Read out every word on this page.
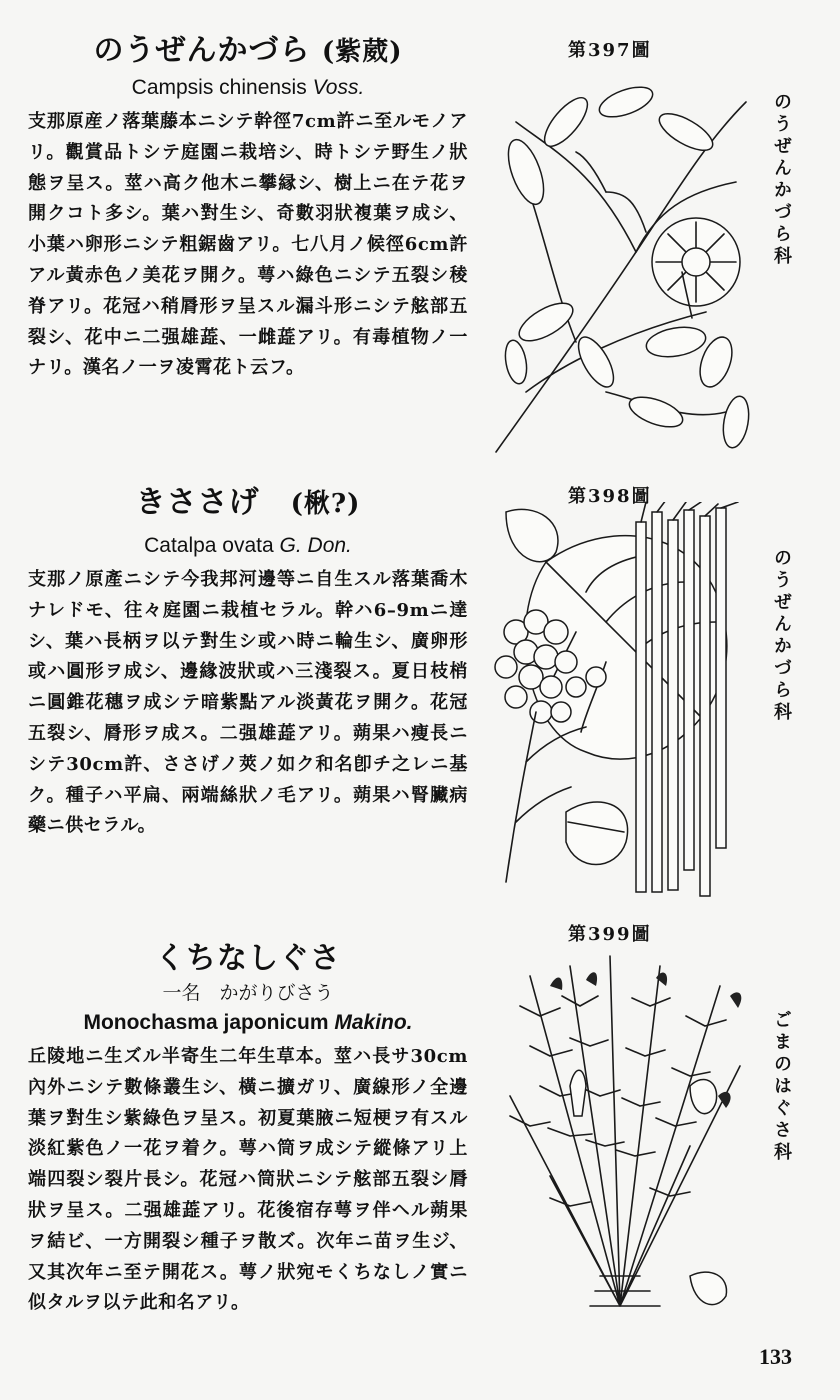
のうぜんかづら (紫葳)
Campsis chinensis Voss.

支那原産ノ落葉藤本ニシテ幹徑7cm許ニ至ルモノアリ。觀賞品トシテ庭園ニ栽培シ、時トシテ野生ノ狀態ヲ呈ス。莖ハ高ク他木ニ攀縁シ、樹上ニ在テ花ヲ開クコト多シ。葉ハ對生シ、奇數羽狀複葉ヲ成シ、小葉ハ卵形ニシテ粗鋸齒アリ。七八月ノ候徑6cm許アル黃赤色ノ美花ヲ開ク。萼ハ綠色ニシテ五裂シ稜脊アリ。花冠ハ稍脣形ヲ呈スル漏斗形ニシテ舷部五裂シ、花中ニ二强雄蕋、一雌蕋アリ。有毒植物ノ一ナリ。漢名ノ一ヲ凌霄花ト云フ。

きささげ　 (楸?)
Catalpa ovata G. Don.

支那ノ原產ニシテ今我邦河邊等ニ自生スル落葉喬木ナレドモ、往々庭園ニ栽植セラル。幹ハ6–9mニ達シ、葉ハ長柄ヲ以テ對生シ或ハ時ニ輪生シ、廣卵形或ハ圓形ヲ成シ、邊緣波狀或ハ三淺裂ス。夏日枝梢ニ圓錐花穗ヲ成シテ暗紫點アル淡黃花ヲ開ク。花冠五裂シ、脣形ヲ成ス。二强雄蕋アリ。蒴果ハ瘦長ニシテ30cm許、ささげノ莢ノ如ク和名卽チ之レニ基ク。種子ハ平扁、兩端絲狀ノ毛アリ。蒴果ハ腎臟病藥ニ供セラル。

くちなしぐさ
一名　かがりびさう
Monochasma japonicum Makino.

丘陵地ニ生ズル半寄生二年生草本。莖ハ長サ30cm內外ニシテ數條叢生シ、橫ニ擴ガリ、廣線形ノ全邊葉ヲ對生シ紫綠色ヲ呈ス。初夏葉腋ニ短梗ヲ有スル淡紅紫色ノ一花ヲ着ク。萼ハ筒ヲ成シテ縱條アリ上端四裂シ裂片長シ。花冠ハ筒狀ニシテ舷部五裂シ脣狀ヲ呈ス。二强雄蕋アリ。花後宿存萼ヲ伴ヘル蒴果ヲ結ビ、一方開裂シ種子ヲ散ズ。次年ニ苗ヲ生ジ、又其次年ニ至テ開花ス。萼ノ狀宛モくちなしノ實ニ似タルヲ以テ此和名アリ。

第397圖
第398圖
第399圖
のうぜんかづら科
のうぜんかづら科
ごまのはぐさ科
133
